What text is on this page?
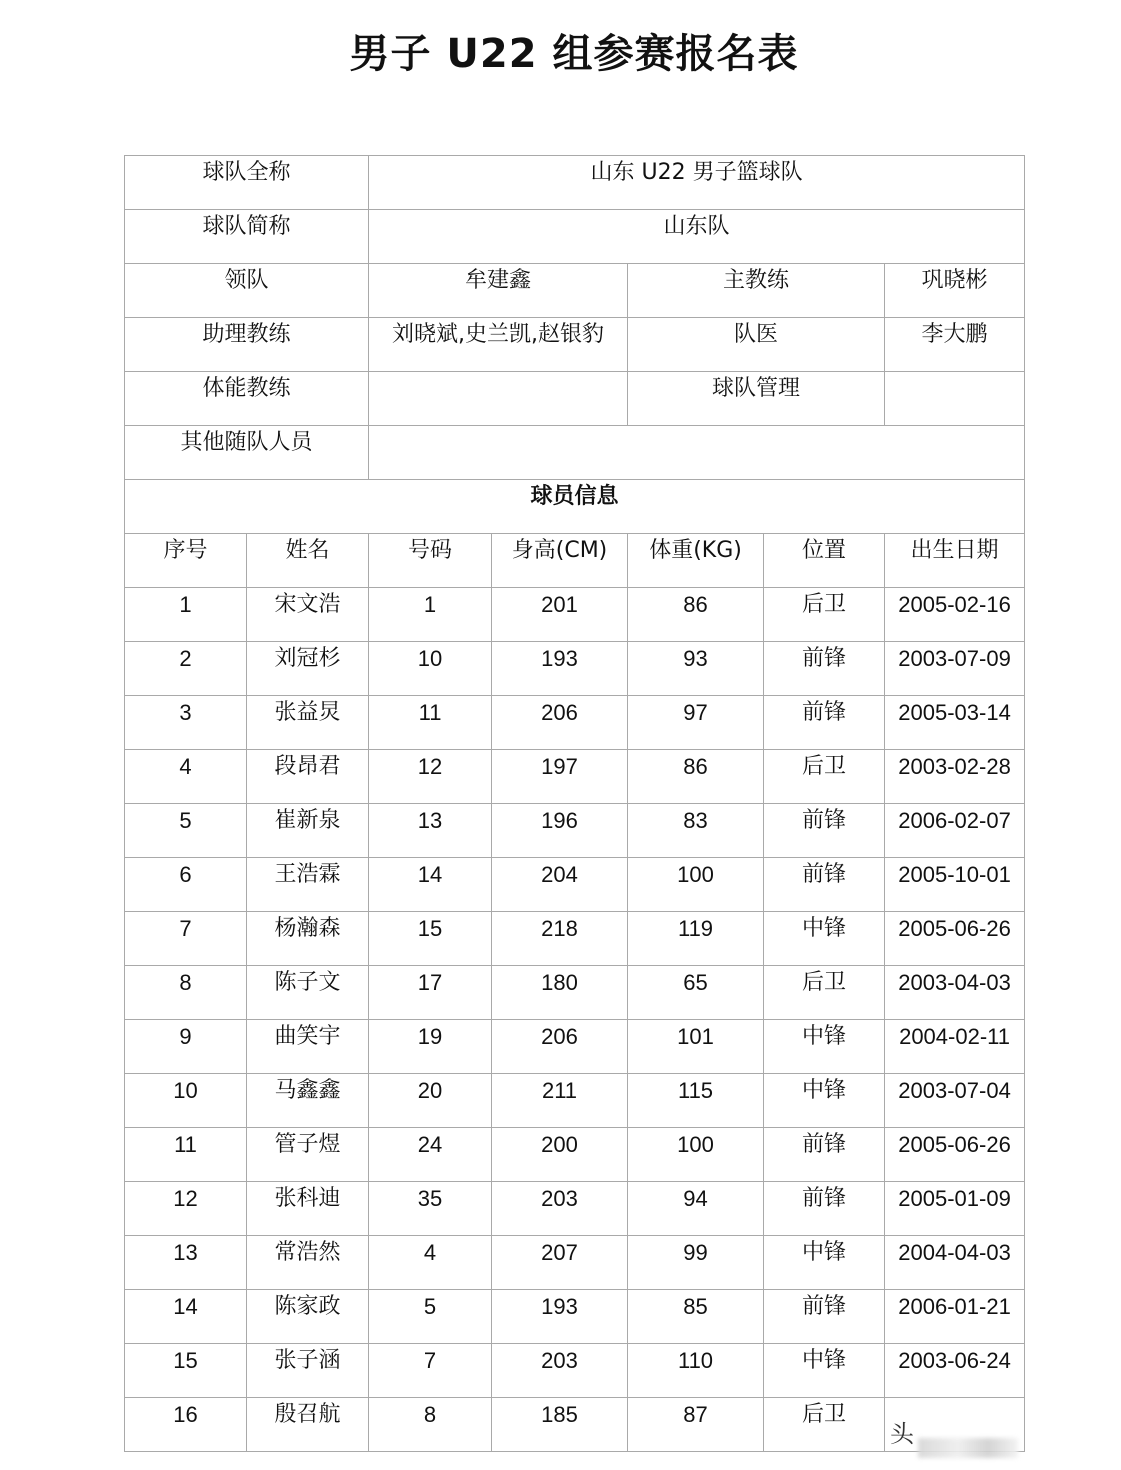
男子 U22 组参赛报名表
球队全称		山东 U22 男子篮球队				
球队简称		山东队				
领队		牟建鑫		主教练		巩晓彬
助理教练		刘晓斌,史兰凯,赵银豹		队医		李大鹏
体能教练				球队管理		
其他随队人员						
球员信息						
序号	姓名	号码	身高(CM)	体重(KG)	位置	出生日期
1	宋文浩	1	201	86	后卫	2005-02-16
2	刘冠杉	10	193	93	前锋	2003-07-09
3	张益炅	11	206	97	前锋	2005-03-14
4	段昂君	12	197	86	后卫	2003-02-28
5	崔新泉	13	196	83	前锋	2006-02-07
6	王浩霖	14	204	100	前锋	2005-10-01
7	杨瀚森	15	218	119	中锋	2005-06-26
8	陈子文	17	180	65	后卫	2003-04-03
9	曲笑宇	19	206	101	中锋	2004-02-11
10	马鑫鑫	20	211	115	中锋	2003-07-04
11	管子煜	24	200	100	前锋	2005-06-26
12	张科迪	35	203	94	前锋	2005-01-09
13	常浩然	4	207	99	中锋	2004-04-03
14	陈家政	5	193	85	前锋	2006-01-21
15	张子涵	7	203	110	中锋	2003-06-24
16	殷召航	8	185	87	后卫	
头
